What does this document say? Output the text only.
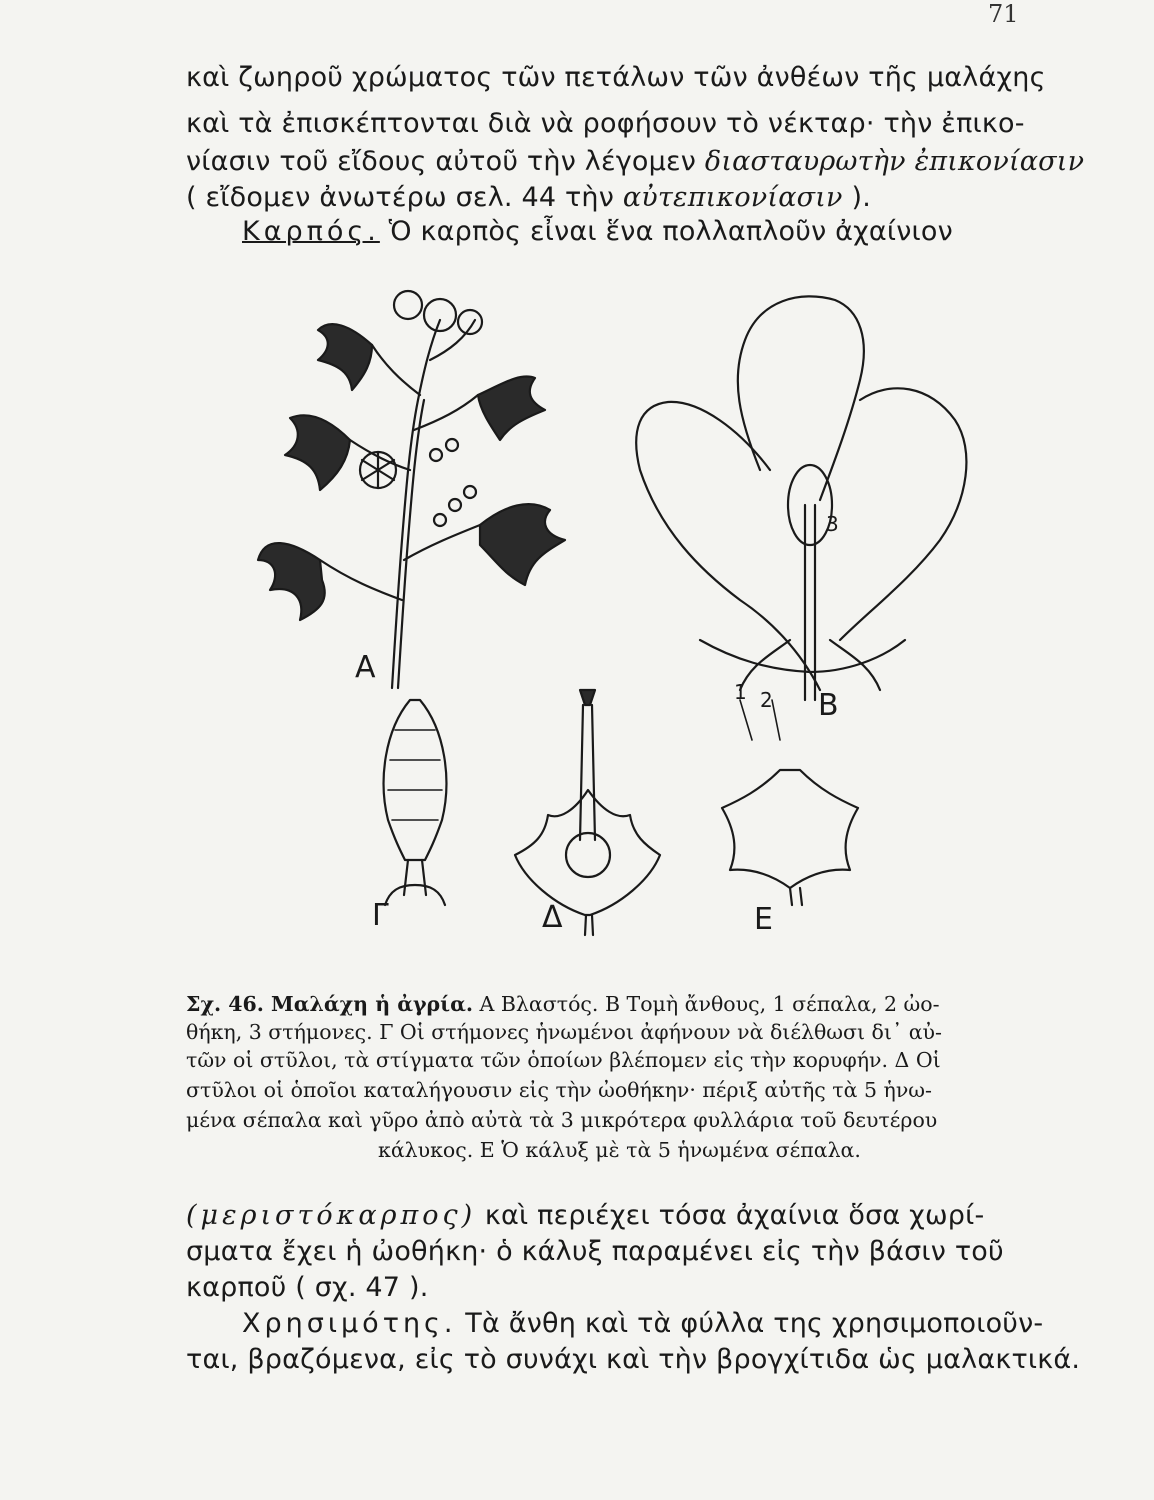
71
καὶ ζωηροῦ χρώματος τῶν πετάλων τῶν ἀνθέων τῆς μαλάχης
καὶ τὰ ἐπισκέπτονται διὰ νὰ ροφήσουν τὸ νέκταρ· τὴν ἐπικο-
νίασιν τοῦ εἴδους αὐτοῦ τὴν λέγομεν διασταυρωτὴν ἐπικονίασιν
( εἴδομεν ἀνωτέρω σελ. 44 τὴν αὐτεπικονίασιν ).
Καρπός. Ὁ καρπὸς εἶναι ἕνα πολλαπλοῦν ἀχαίνιον
Α
Β
Γ	Δ	Ε
1 2
3
Σχ. 46. Μαλάχη ἡ ἀγρία. Α Βλαστός. Β Τομὴ ἄνθους, 1 σέπαλα, 2 ὠο-
θήκη, 3 στήμονες. Γ Οἱ στήμονες ἡνωμένοι ἀφήνουν νὰ διέλθωσι δι᾽ αὐ-
τῶν οἱ στῦλοι, τὰ στίγματα τῶν ὁποίων βλέπομεν εἰς τὴν κορυφήν. Δ Οἱ
στῦλοι οἱ ὁποῖοι καταλήγουσιν εἰς τὴν ὠοθήκην· πέριξ αὐτῆς τὰ 5 ἡνω-
μένα σέπαλα καὶ γῦρο ἀπὸ αὐτὰ τὰ 3 μικρότερα φυλλάρια τοῦ δευτέρου
κάλυκος. Ε Ὁ κάλυξ μὲ τὰ 5 ἡνωμένα σέπαλα.
(μεριστόκαρπος) καὶ περιέχει τόσα ἀχαίνια ὅσα χωρί-
σματα ἔχει ἡ ὠοθήκη· ὁ κάλυξ παραμένει εἰς τὴν βάσιν τοῦ
καρποῦ ( σχ. 47 ).
Χρησιμότης. Τὰ ἄνθη καὶ τὰ φύλλα της χρησιμοποιοῦν-
ται, βραζόμενα, εἰς τὸ συνάχι καὶ τὴν βρογχίτιδα ὡς μαλακτικά.
